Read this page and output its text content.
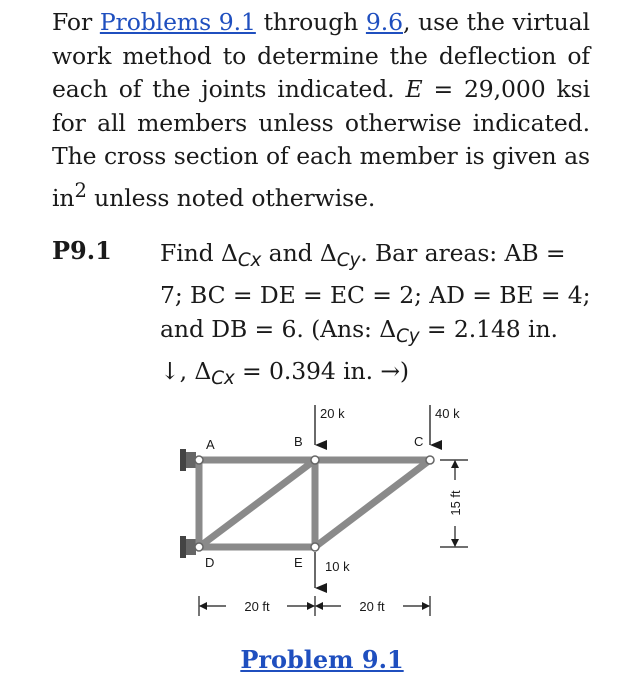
For Problems 9.1 through 9.6, use the virtual work method to determine the deflection of each of the joints indicated. E = 29,000 ksi for all members unless otherwise indicated. The cross section of each member is given as $in^2$ unless noted otherwise.
P9.1 Find $\Delta_{Cx}$ and $\Delta_{Cy}$. Bar areas: AB = 7; BC = DE = EC = 2; AD = BE = 4; and DB = 6. (Ans: $\Delta_{Cy} = 2.148$ in. ↓, $\Delta_{Cx} = 0.394$ in. →)
A	B	C
D	E
20 k	40 k
10 k
20 ft	20 ft
15 ft
Problem 9.1
